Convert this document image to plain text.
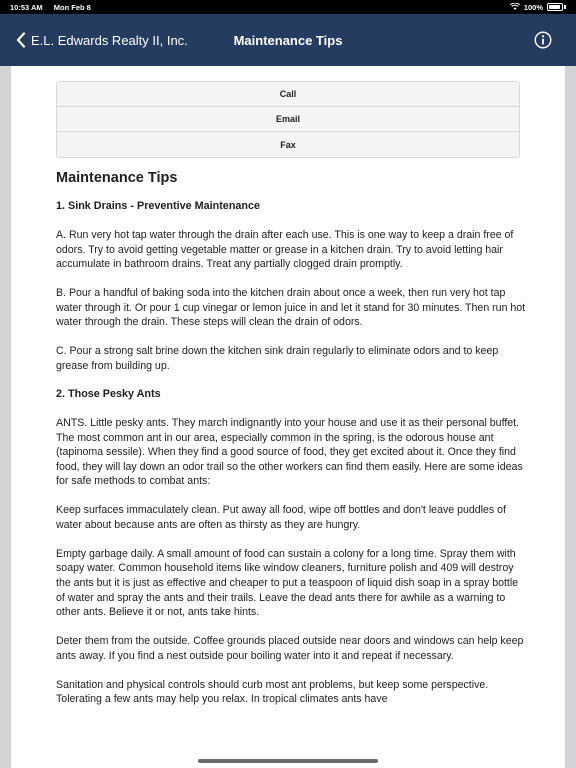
10:53 AM Mon Feb 8	100%
E.L. Edwards Realty II, Inc.	Maintenance Tips
Call
Email
Fax
Maintenance Tips
1. Sink Drains - Preventive Maintenance

A. Run very hot tap water through the drain after each use. This is one way to keep a drain free of odors. Try to avoid getting vegetable matter or grease in a kitchen drain. Try to avoid letting hair accumulate in bathroom drains. Treat any partially clogged drain promptly.

B. Pour a handful of baking soda into the kitchen drain about once a week, then run very hot tap water through it. Or pour 1 cup vinegar or lemon juice in and let it stand for 30 minutes. Then run hot water through the drain. These steps will clean the drain of odors.

C. Pour a strong salt brine down the kitchen sink drain regularly to eliminate odors and to keep grease from building up.

2. Those Pesky Ants

ANTS. Little pesky ants. They march indignantly into your house and use it as their personal buffet. The most common ant in our area, especially common in the spring, is the odorous house ant (tapinoma sessile). When they find a good source of food, they get excited about it. Once they find food, they will lay down an odor trail so the other workers can find them easily. Here are some ideas for safe methods to combat ants:

Keep surfaces immaculately clean. Put away all food, wipe off bottles and don't leave puddles of water about because ants are often as thirsty as they are hungry.

Empty garbage daily. A small amount of food can sustain a colony for a long time. Spray them with soapy water. Common household items like window cleaners, furniture polish and 409 will destroy the ants but it is just as effective and cheaper to put a teaspoon of liquid dish soap in a spray bottle of water and spray the ants and their trails. Leave the dead ants there for awhile as a warning to other ants. Believe it or not, ants take hints.

Deter them from the outside. Coffee grounds placed outside near doors and windows can help keep ants away. If you find a nest outside pour boiling water into it and repeat if necessary.

Sanitation and physical controls should curb most ant problems, but keep some perspective. Tolerating a few ants may help you relax. In tropical climates ants have
